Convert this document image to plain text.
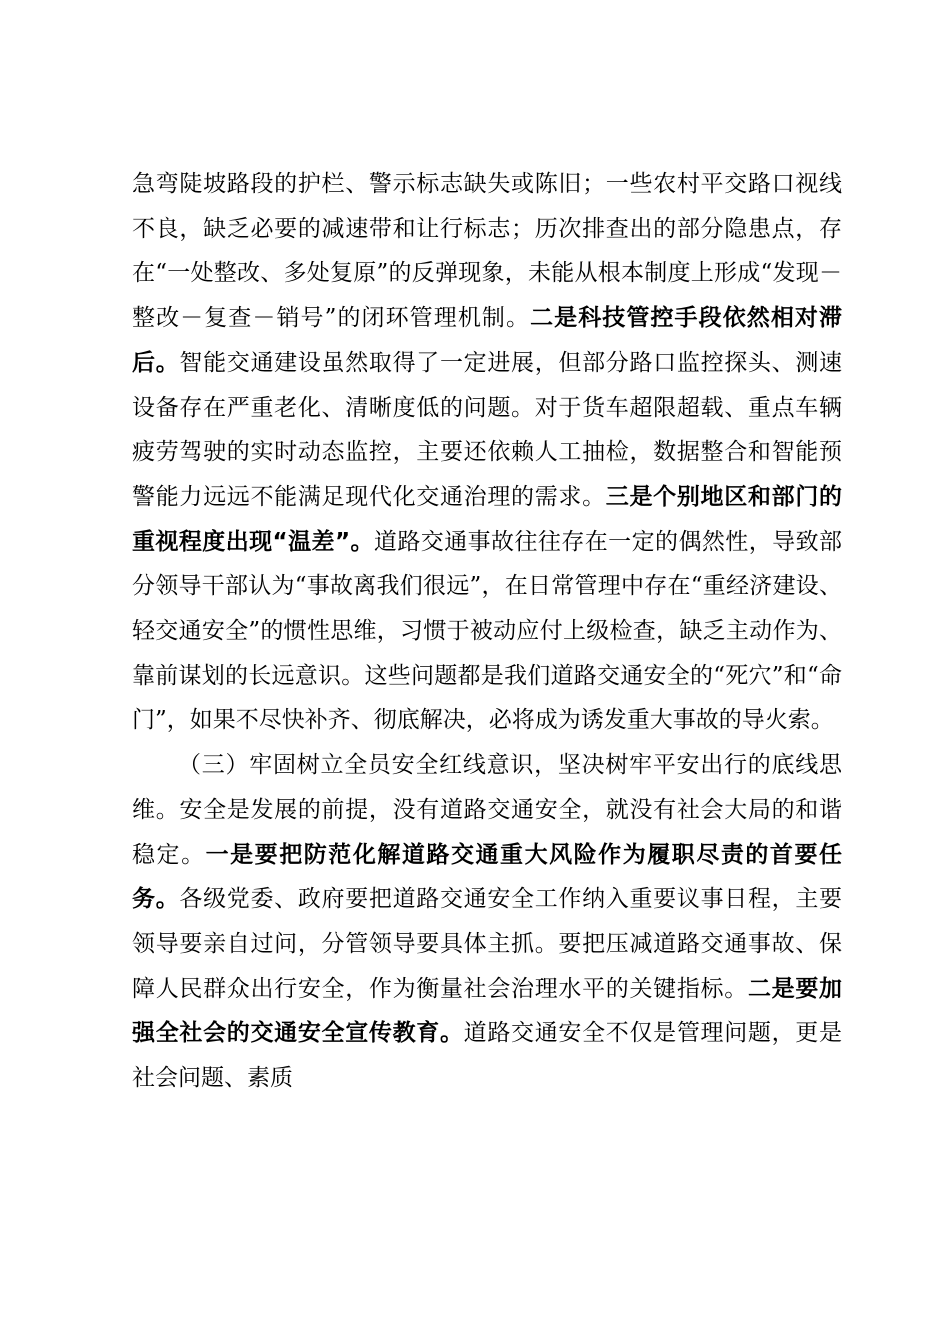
急弯陡坡路段的护栏、警示标志缺失或陈旧；一些农村平交路口视线不良，缺乏必要的减速带和让行标志；历次排查出的部分隐患点，存在“一处整改、多处复原”的反弹现象，未能从根本制度上形成“发现－整改－复查－销号”的闭环管理机制。二是科技管控手段依然相对滞后。智能交通建设虽然取得了一定进展，但部分路口监控探头、测速设备存在严重老化、清晰度低的问题。对于货车超限超载、重点车辆疲劳驾驶的实时动态监控，主要还依赖人工抽检，数据整合和智能预警能力远远不能满足现代化交通治理的需求。三是个别地区和部门的重视程度出现“温差”。道路交通事故往往存在一定的偶然性，导致部分领导干部认为“事故离我们很远”，在日常管理中存在“重经济建设、轻交通安全”的惯性思维，习惯于被动应付上级检查，缺乏主动作为、靠前谋划的长远意识。这些问题都是我们道路交通安全的“死穴”和“命门”，如果不尽快补齐、彻底解决，必将成为诱发重大事故的导火索。

（三）牢固树立全员安全红线意识，坚决树牢平安出行的底线思维。安全是发展的前提，没有道路交通安全，就没有社会大局的和谐稳定。一是要把防范化解道路交通重大风险作为履职尽责的首要任务。各级党委、政府要把道路交通安全工作纳入重要议事日程，主要领导要亲自过问，分管领导要具体主抓。要把压减道路交通事故、保障人民群众出行安全，作为衡量社会治理水平的关键指标。二是要加强全社会的交通安全宣传教育。道路交通安全不仅是管理问题，更是社会问题、素质
